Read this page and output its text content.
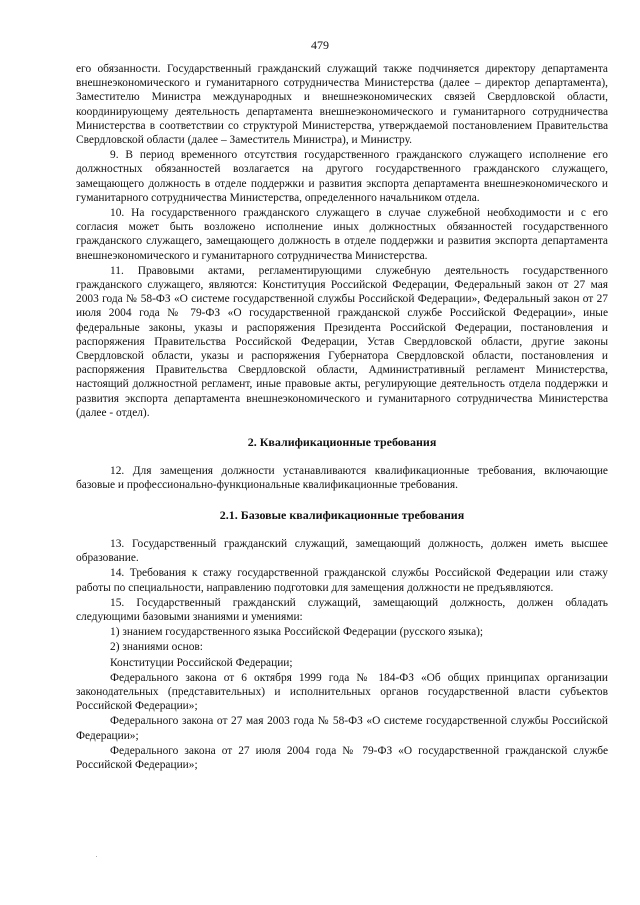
479
его обязанности. Государственный гражданский служащий также подчиняется директору департамента внешнеэкономического и гуманитарного сотрудничества Министерства (далее – директор департамента), Заместителю Министра международных и внешнеэкономических связей Свердловской области, координирующему деятельность департамента внешнеэкономического и гуманитарного сотрудничества Министерства в соответствии со структурой Министерства, утверждаемой постановлением Правительства Свердловской области (далее – Заместитель Министра), и Министру.
9. В период временного отсутствия государственного гражданского служащего исполнение его должностных обязанностей возлагается на другого государственного гражданского служащего, замещающего должность в отделе поддержки и развития экспорта департамента внешнеэкономического и гуманитарного сотрудничества Министерства, определенного начальником отдела.
10. На государственного гражданского служащего в случае служебной необходимости и с его согласия может быть возложено исполнение иных должностных обязанностей государственного гражданского служащего, замещающего должность в отделе поддержки и развития экспорта департамента внешнеэкономического и гуманитарного сотрудничества Министерства.
11. Правовыми актами, регламентирующими служебную деятельность государственного гражданского служащего, являются: Конституция Российской Федерации, Федеральный закон от 27 мая 2003 года № 58-ФЗ «О системе государственной службы Российской Федерации», Федеральный закон от 27 июля 2004 года № 79-ФЗ «О государственной гражданской службе Российской Федерации», иные федеральные законы, указы и распоряжения Президента Российской Федерации, постановления и распоряжения Правительства Российской Федерации, Устав Свердловской области, другие законы Свердловской области, указы и распоряжения Губернатора Свердловской области, постановления и распоряжения Правительства Свердловской области, Административный регламент Министерства, настоящий должностной регламент, иные правовые акты, регулирующие деятельность отдела поддержки и развития экспорта департамента внешнеэкономического и гуманитарного сотрудничества Министерства (далее - отдел).
2. Квалификационные требования
12. Для замещения должности устанавливаются квалификационные требования, включающие базовые и профессионально-функциональные квалификационные требования.
2.1. Базовые квалификационные требования
13. Государственный гражданский служащий, замещающий должность, должен иметь высшее образование.
14. Требования к стажу государственной гражданской службы Российской Федерации или стажу работы по специальности, направлению подготовки для замещения должности не предъявляются.
15. Государственный гражданский служащий, замещающий должность, должен обладать следующими базовыми знаниями и умениями:
1) знанием государственного языка Российской Федерации (русского языка);
2) знаниями основ:
Конституции Российской Федерации;
Федерального закона от 6 октября 1999 года № 184-ФЗ «Об общих принципах организации законодательных (представительных) и исполнительных органов государственной власти субъектов Российской Федерации»;
Федерального закона от 27 мая 2003 года № 58-ФЗ «О системе государственной службы Российской Федерации»;
Федерального закона от 27 июля 2004 года № 79-ФЗ «О государственной гражданской службе Российской Федерации»;
